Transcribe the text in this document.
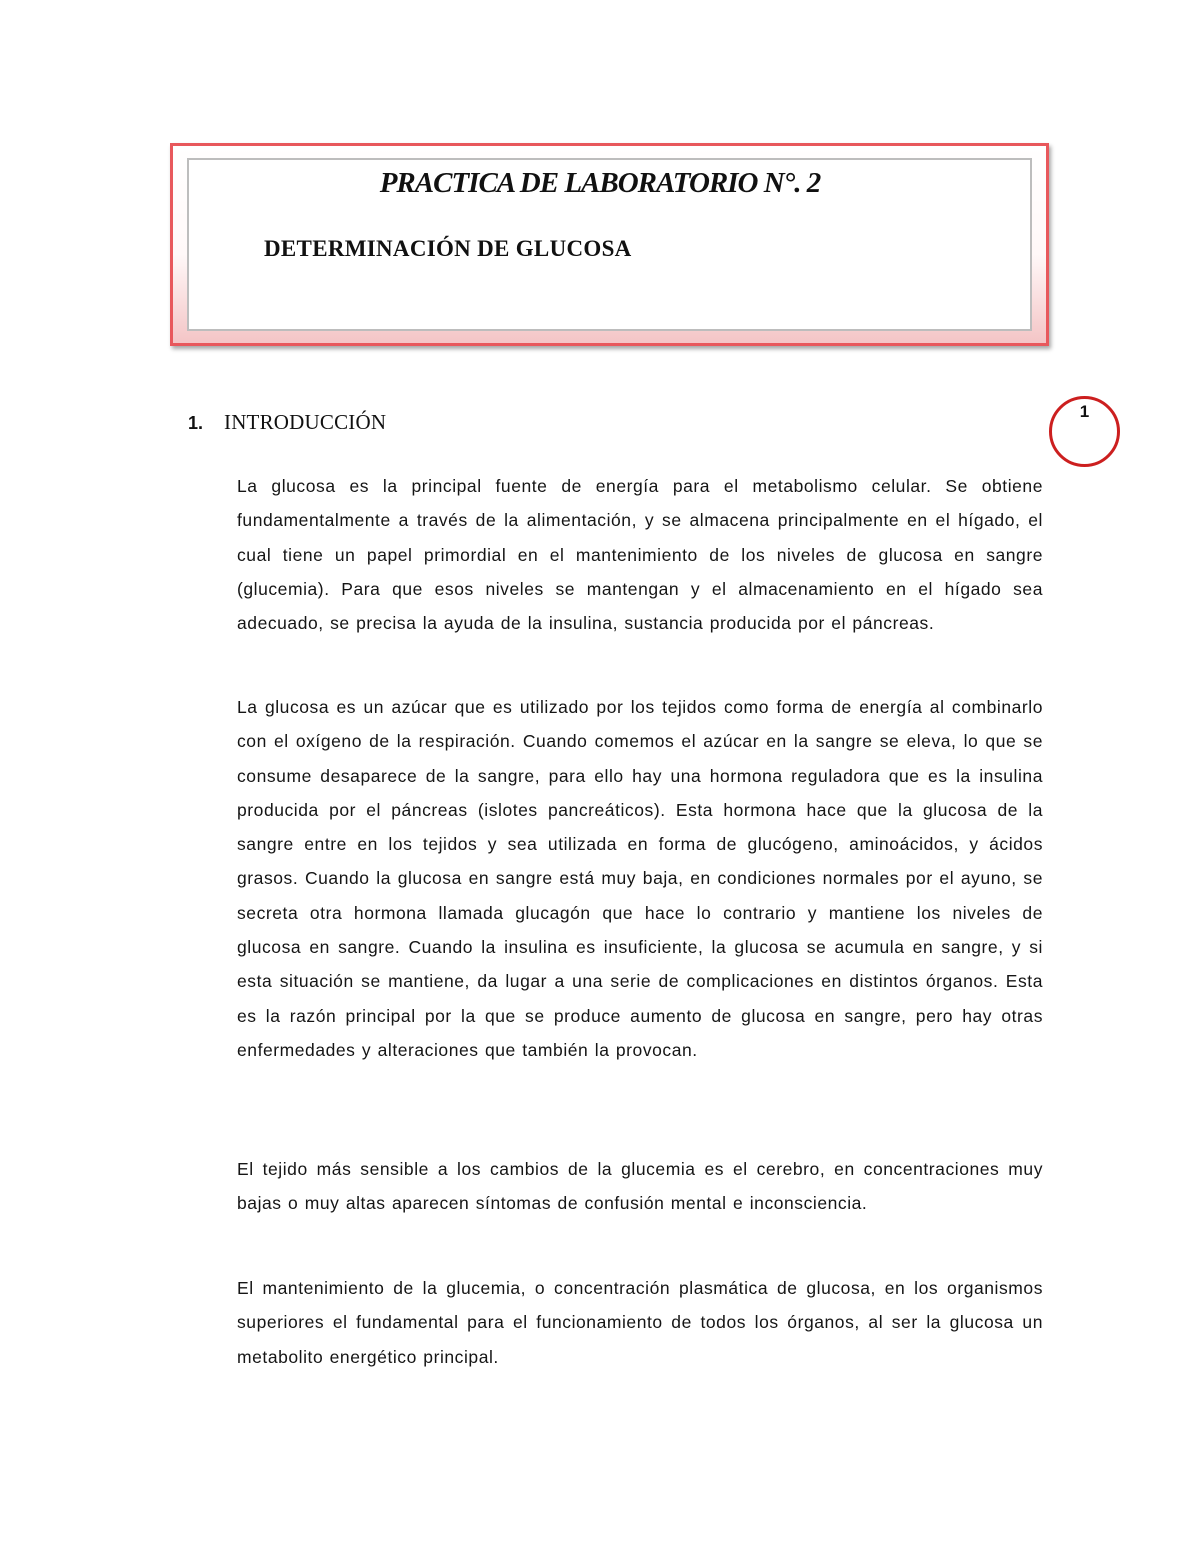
PRACTICA DE LABORATORIO N°. 2
DETERMINACIÓN DE GLUCOSA
1
1. INTRODUCCIÓN

La glucosa es la principal fuente de energía para el metabolismo celular. Se obtiene fundamentalmente a través de la alimentación, y se almacena principalmente en el hígado, el cual tiene un papel primordial en el mantenimiento de los niveles de glucosa en sangre (glucemia). Para que esos niveles se mantengan y el almacenamiento en el hígado sea adecuado, se precisa la ayuda de la insulina, sustancia producida por el páncreas.

La glucosa es un azúcar que es utilizado por los tejidos como forma de energía al combinarlo con el oxígeno de la respiración. Cuando comemos el azúcar en la sangre se eleva, lo que se consume desaparece de la sangre, para ello hay una hormona reguladora que es la insulina producida por el páncreas (islotes pancreáticos). Esta hormona hace que la glucosa de la sangre entre en los tejidos y sea utilizada en forma de glucógeno, aminoácidos, y ácidos grasos. Cuando la glucosa en sangre está muy baja, en condiciones normales por el ayuno, se secreta otra hormona llamada glucagón que hace lo contrario y mantiene los niveles de glucosa en sangre. Cuando la insulina es insuficiente, la glucosa se acumula en sangre, y si esta situación se mantiene, da lugar a una serie de complicaciones en distintos órganos. Esta es la razón principal por la que se produce aumento de glucosa en sangre, pero hay otras enfermedades y alteraciones que también la provocan.

El tejido más sensible a los cambios de la glucemia es el cerebro, en concentraciones muy bajas o muy altas aparecen síntomas de confusión mental e inconsciencia.

El mantenimiento de la glucemia, o concentración plasmática de glucosa, en los organismos superiores el fundamental para el funcionamiento de todos los órganos, al ser la glucosa un metabolito energético principal.
